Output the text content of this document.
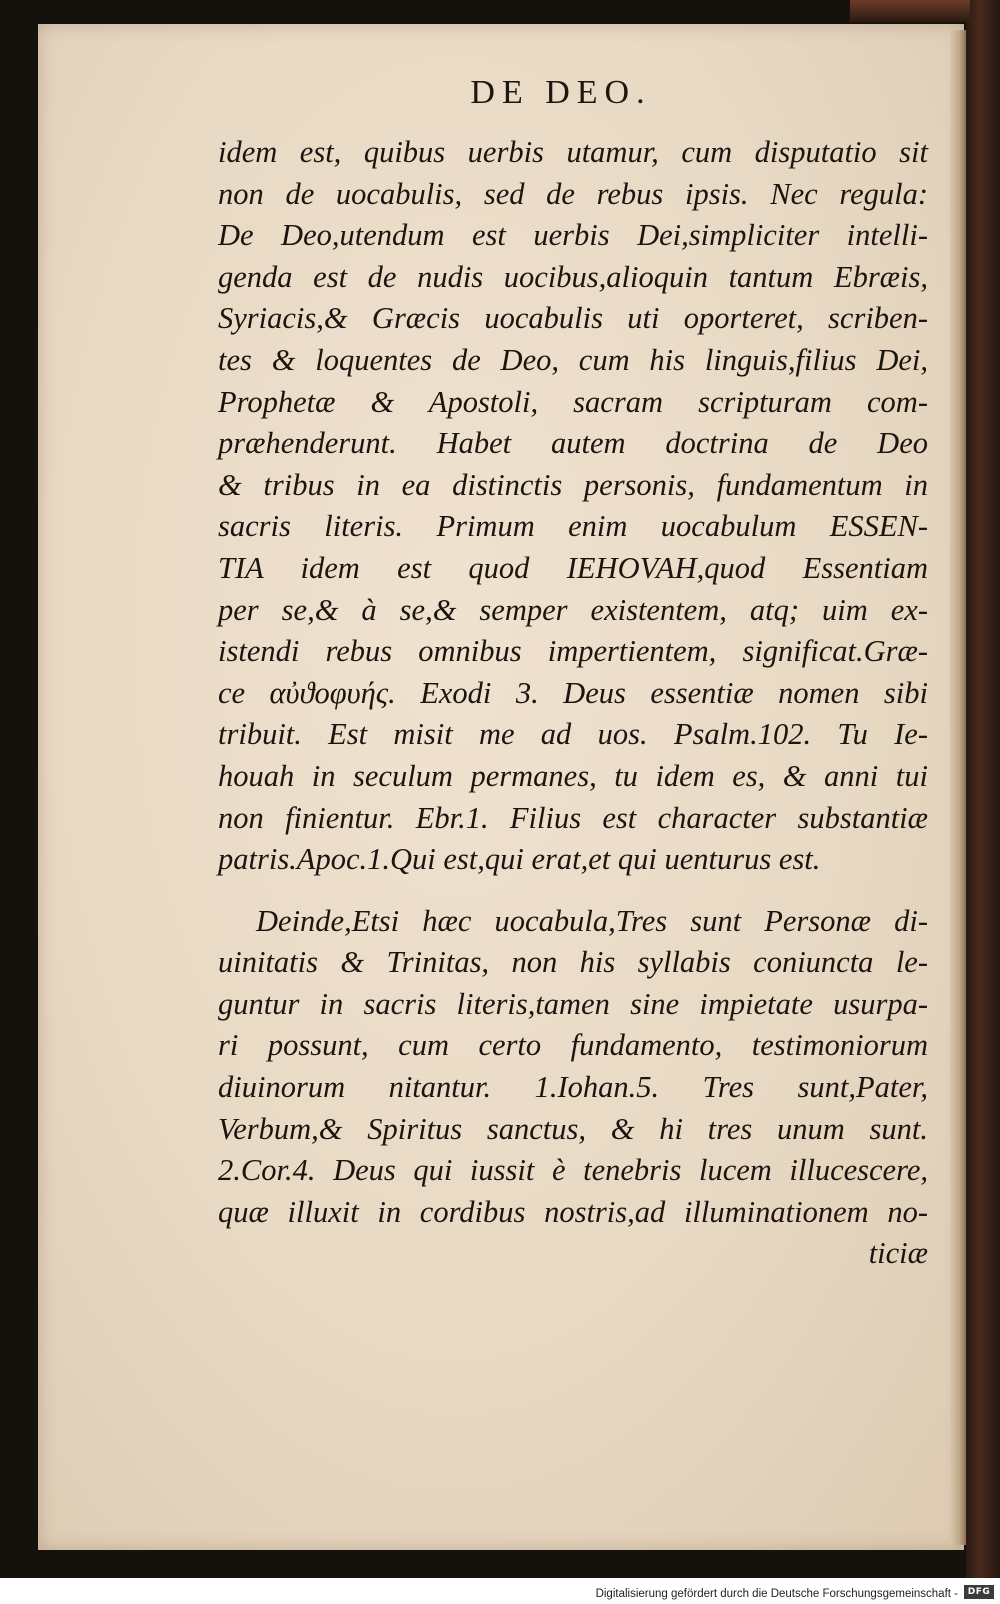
DE DEO.
idem est, quibus uerbis utamur, cum disputatio sit
non de uocabulis, sed de rebus ipsis. Nec regula:
De Deo,utendum est uerbis Dei,simpliciter intelli-
genda est de nudis uocibus,alioquin tantum Ebræis,
Syriacis,& Græcis uocabulis uti oporteret, scriben-
tes & loquentes de Deo, cum his linguis,filius Dei,
Prophetæ & Apostoli, sacram scripturam com-
præhenderunt. Habet autem doctrina de Deo
& tribus in ea distinctis personis, fundamentum in
sacris literis. Primum enim uocabulum ESSEN-
TIA idem est quod IEHOVAH,quod Essentiam
per se,& à se,& semper existentem, atq; uim ex-
istendi rebus omnibus impertientem, significat.Græ-
ce αὐϑοφυής. Exodi 3. Deus essentiæ nomen sibi
tribuit. Est misit me ad uos. Psalm.102. Tu Ie-
houah in seculum permanes, tu idem es, & anni tui
non finientur. Ebr.1. Filius est character substantiæ
patris.Apoc.1.Qui est,qui erat,et qui uenturus est.
Deinde,Etsi hæc uocabula,Tres sunt Personæ di-
uinitatis & Trinitas, non his syllabis coniuncta le-
guntur in sacris literis,tamen sine impietate usurpa-
ri possunt, cum certo fundamento, testimoniorum
diuinorum nitantur. 1.Iohan.5. Tres sunt,Pater,
Verbum,& Spiritus sanctus, & hi tres unum sunt.
2.Cor.4. Deus qui iussit è tenebris lucem illucescere,
quæ illuxit in cordibus nostris,ad illuminationem no-
ticiæ
Digitalisierung gefördert durch die Deutsche Forschungsgemeinschaft -	DFG
